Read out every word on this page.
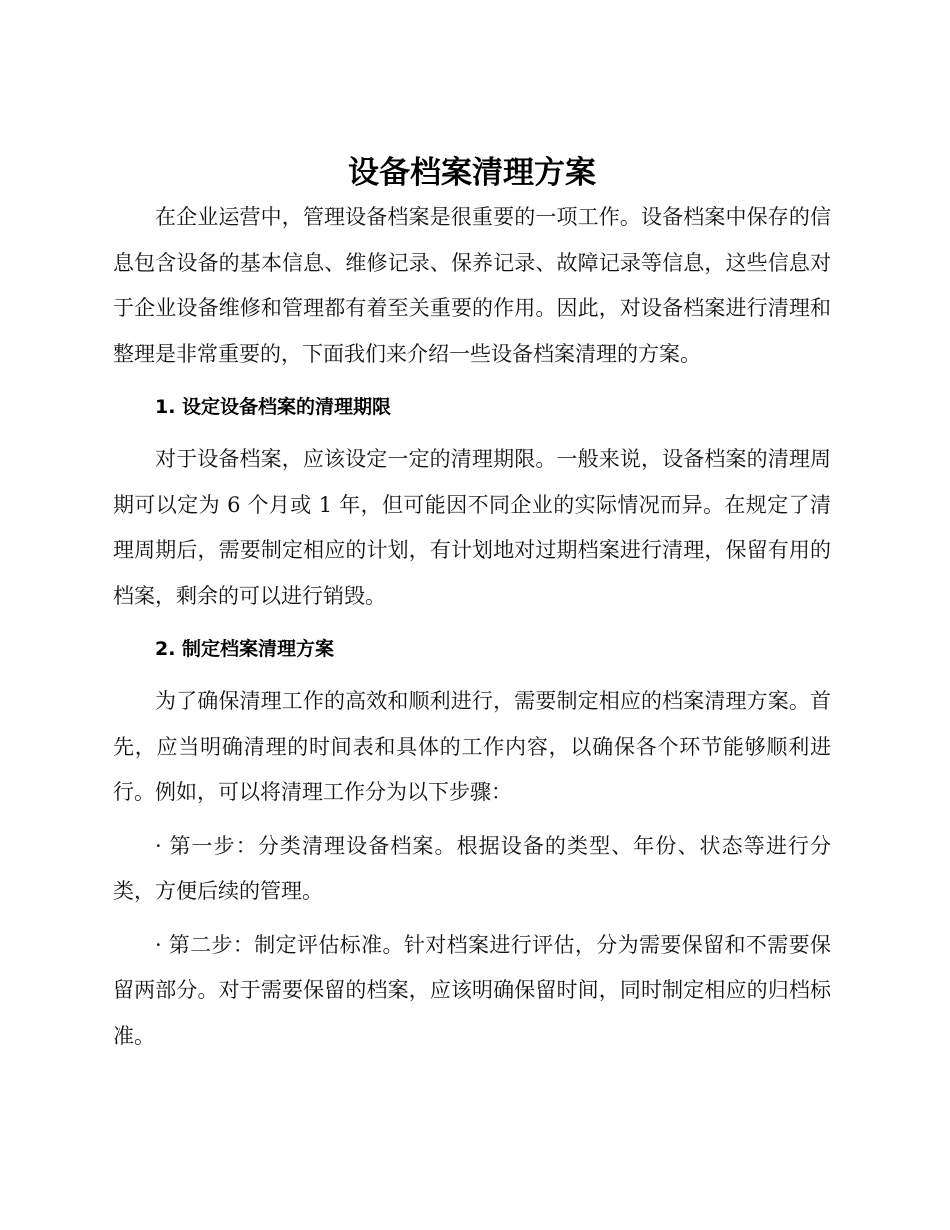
设备档案清理方案

在企业运营中，管理设备档案是很重要的一项工作。设备档案中保存的信息包含设备的基本信息、维修记录、保养记录、故障记录等信息，这些信息对于企业设备维修和管理都有着至关重要的作用。因此，对设备档案进行清理和整理是非常重要的，下面我们来介绍一些设备档案清理的方案。

1. 设定设备档案的清理期限

对于设备档案，应该设定一定的清理期限。一般来说，设备档案的清理周期可以定为 6 个月或 1 年，但可能因不同企业的实际情况而异。在规定了清理周期后，需要制定相应的计划，有计划地对过期档案进行清理，保留有用的档案，剩余的可以进行销毁。

2. 制定档案清理方案

为了确保清理工作的高效和顺利进行，需要制定相应的档案清理方案。首先，应当明确清理的时间表和具体的工作内容，以确保各个环节能够顺利进行。例如，可以将清理工作分为以下步骤：

· 第一步：分类清理设备档案。根据设备的类型、年份、状态等进行分类，方便后续的管理。

· 第二步：制定评估标准。针对档案进行评估，分为需要保留和不需要保留两部分。对于需要保留的档案，应该明确保留时间，同时制定相应的归档标准。
